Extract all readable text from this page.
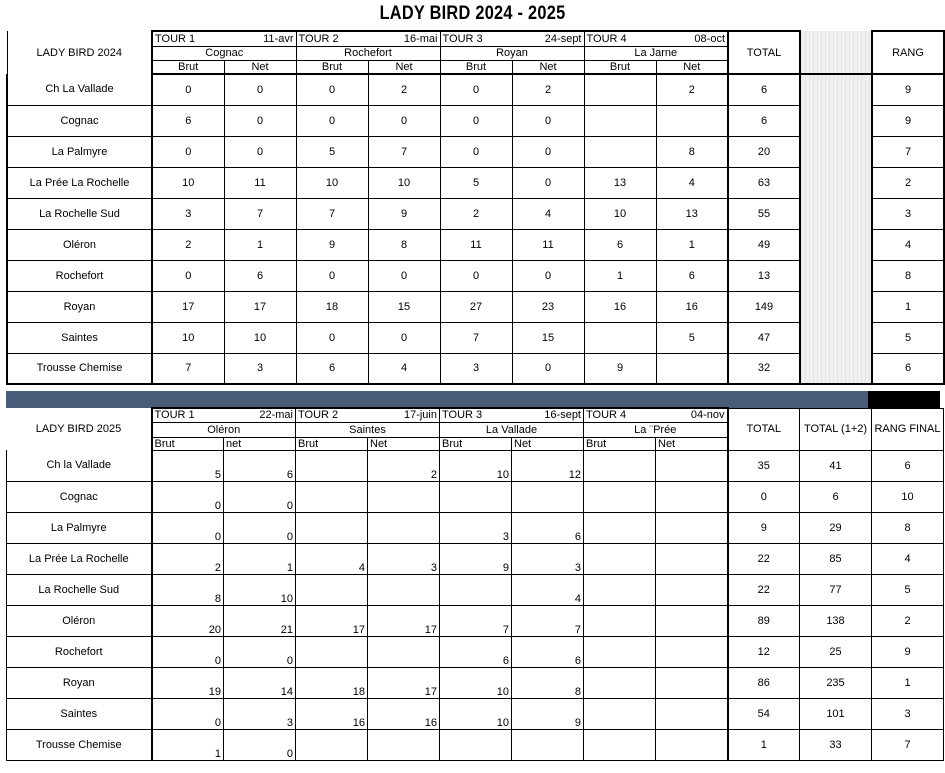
LADY BIRD 2024 - 2025
LADY BIRD 2024	TOUR 1	11-avr	TOUR 2	16-mai	TOUR 3	24-sept	TOUR 4	08-oct	TOTAL		RANG
	Cognac		Rochefort		Royan		La Jarne				
	Brut	Net	Brut	Net	Brut	Net	Brut	Net			
Ch La Vallade	0	0	0	2	0	2		2	6		9
Cognac	6	0	0	0	0	0			6		9
La Palmyre	0	0	5	7	0	0		8	20		7
La Prée La Rochelle	10	11	10	10	5	0	13	4	63		2
La Rochelle Sud	3	7	7	9	2	4	10	13	55		3
Oléron	2	1	9	8	11	11	6	1	49		4
Rochefort	0	6	0	0	0	0	1	6	13		8
Royan	17	17	18	15	27	23	16	16	149		1
Saintes	10	10	0	0	7	15		5	47		5
Trousse Chemise	7	3	6	4	3	0	9		32		6
LADY BIRD 2025	TOUR 1	22-mai	TOUR 2	17-juin	TOUR 3	16-sept	TOUR 4	04-nov	TOTAL	TOTAL (1+2)	RANG FINAL
	Oléron		Saintes		La Vallade		La ¨Prée				
	Brut	net	Brut	Net	Brut	Net	Brut	Net			
Ch la Vallade	5	6		2	10	12			35	41	6
Cognac	0	0							0	6	10
La Palmyre	0	0			3	6			9	29	8
La Prée La Rochelle	2	1	4	3	9	3			22	85	4
La Rochelle Sud	8	10				4			22	77	5
Oléron	20	21	17	17	7	7			89	138	2
Rochefort	0	0			6	6			12	25	9
Royan	19	14	18	17	10	8			86	235	1
Saintes	0	3	16	16	10	9			54	101	3
Trousse Chemise	1	0							1	33	7
